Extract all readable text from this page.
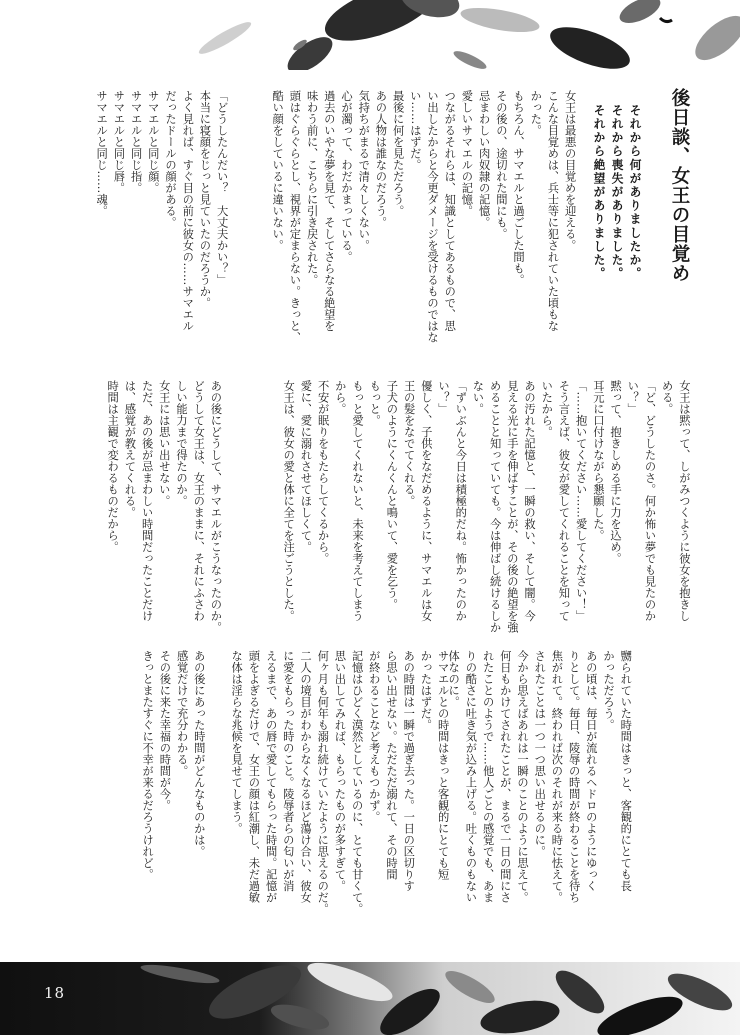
後日談、女王の目覚め
それから何がありましたか。
それから喪失がありました。
それから絶望がありました。
女王は最悪の目覚めを迎える。
こんな目覚めは、兵士等に犯されていた頃もな
かった。
もちろん、サマエルと過ごした間も。
その後の、途切れた間にも。
忌まわしい肉奴隷の記憶。
愛しいサマエルの記憶。
つながるそれらは、知識としてあるもので、思
い出したからと今更ダメージを受けるものではな
い……はずだ。
最後に何を見ただろう。
あの人物は誰なのだろう。
気持ちがまるで清々しくない。
心が濁って、わだかまっている。
過去のいやな夢を見て、そしてさらなる絶望を
味わう前に、こちらに引き戻された。
頭はぐらぐらとし、視界が定まらない。きっと、
酷い顔をしているに違いない。
「どうしたんだい？　大丈夫かい？」
本当に寝顔をじっと見ていたのだろうか。
よく見れば、すぐ目の前に彼女の……サマエル
だったドールの顔がある。
サマエルと同じ顔。
サマエルと同じ指。
サマエルと同じ唇。
サマエルと同じ……魂。
女王は黙って、しがみつくように彼女を抱きし
める。
「ど、どうしたのさ。何か怖い夢でも見たのか
い？」
黙って、抱きしめる手に力を込め。
耳元に口付けながら懇願した。
「……抱いてください……愛してください！」
そう言えば、彼女が愛してくれることを知って
いたから。
あの汚れた記憶と、一瞬の救い、そして闇。今
見える光に手を伸ばすことが、その後の絶望を強
めることと知っていても。今は伸ばし続けるしか
ない。
「ずいぶんと今日は積極的だね。怖かったのか
い？」
優しく、子供をなだめるように、サマエルは女
王の髪をなでてくれる。
子犬のようにくんくんと鳴いて、愛を乞う。
もっと。
もっと愛してくれないと、未来を考えてしまう
から。
不安が眠りをもたらしてくるから。
愛に、愛に溺れさせてほしくて。
女王は、彼女の愛と体に全てを注ごうとした。
あの後にどうして、サマエルがこうなったのか。
どうして女王は、女王のままに、それにふさわ
しい能力まで得たのか。
女王には思い出せない。
ただ、あの後が忌まわしい時間だったことだけ
は、感覚が教えてくれる。
時間は主観で変わるものだから。
嬲られていた時間はきっと、客観的にとても長
かっただろう。
あの頃は、毎日が流れるヘドロのようにゆっく
りとして。毎日、陵辱の時間が終わることを待ち
焦がれて。終われば次のそれが来る時に怯えて。
されたことは一つ一つ思い出せるのに。
今から思えばあれは一瞬のことのように思えて。
何日もかけてされたことが、まるで一日の間にさ
れたことのようで……他人ごとの感覚でも、あま
りの酷さに吐き気が込み上げる。吐くものもない
体なのに。
サマエルとの時間はきっと客観的にとても短
かったはずだ。
あの時間は一瞬で過ぎ去った。一日の区切りす
ら思い出せない。ただただ溺れて、その時間
が終わることなど考えもつかず。
記憶はひどく漠然としているのに、とても甘くて。
思い出してみれば、もらったものが多すぎて。
何ヶ月も何年も溺れ続けていたように思えるのだ。
二人の境目がわからなくなるほど蕩け合い、彼女
に愛をもらった時のこと。陵辱者らの匂いが消
えるまで、あの唇で愛してもらった時間。記憶が
頭をよぎるだけで、女王の顔は紅潮し、未だ過敏
な体は淫らな兆候を見せてしまう。
あの後にあった時間がどんなものかは。
感覚だけで充分わかる。
その後に来た幸福の時間が今。
きっとまたすぐに不幸が来るだろうけれど。
18
